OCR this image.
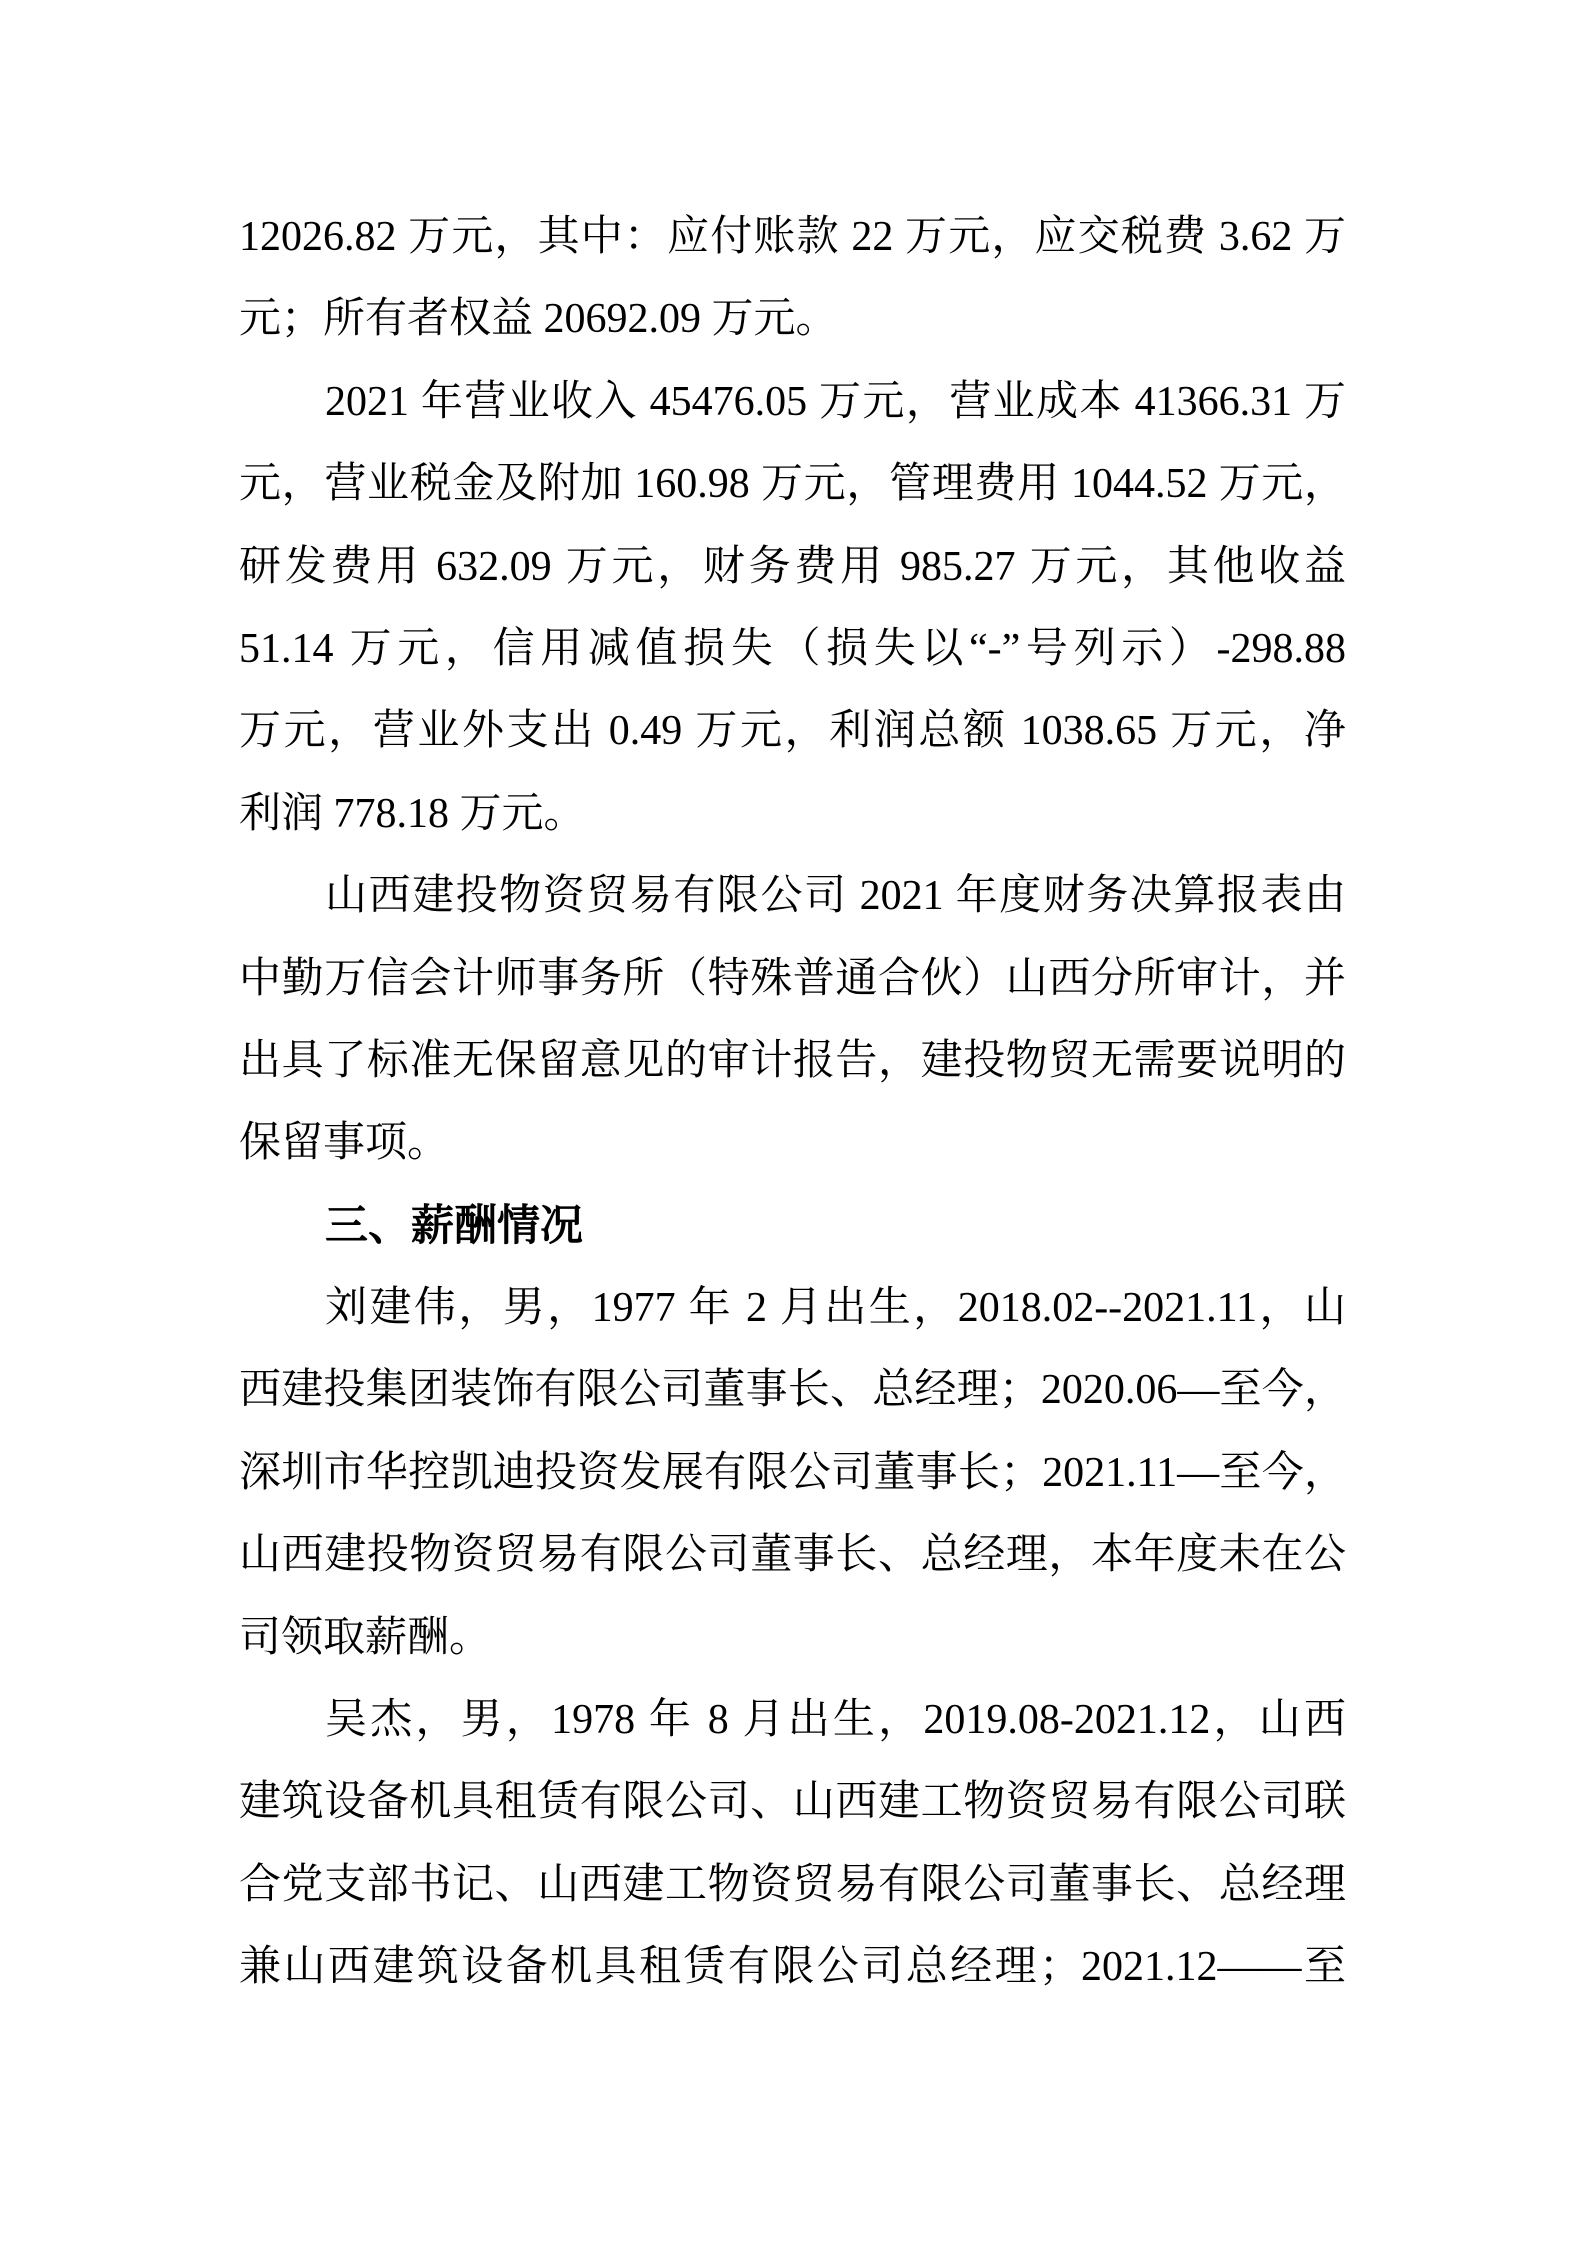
12026.82 万元，其中：应付账款 22 万元，应交税费 3.62 万
元；所有者权益 20692.09 万元。
2021 年营业收入 45476.05 万元，营业成本 41366.31 万
元，营业税金及附加 160.98 万元，管理费用 1044.52 万元，
研发费用 632.09 万元，财务费用 985.27 万元，其他收益
51.14 万元，信用减值损失（损失以“-”号列示）-298.88
万元，营业外支出 0.49 万元，利润总额 1038.65 万元，净
利润 778.18 万元。
山西建投物资贸易有限公司 2021 年度财务决算报表由
中勤万信会计师事务所（特殊普通合伙）山西分所审计，并
出具了标准无保留意见的审计报告，建投物贸无需要说明的
保留事项。
三、薪酬情况
刘建伟，男，1977 年 2 月出生，2018.02--2021.11，山
西建投集团装饰有限公司董事长、总经理；2020.06—至今，
深圳市华控凯迪投资发展有限公司董事长；2021.11—至今，
山西建投物资贸易有限公司董事长、总经理，本年度未在公
司领取薪酬。
吴杰，男，1978 年 8 月出生，2019.08-2021.12，山西
建筑设备机具租赁有限公司、山西建工物资贸易有限公司联
合党支部书记、山西建工物资贸易有限公司董事长、总经理
兼山西建筑设备机具租赁有限公司总经理；2021.12——至
